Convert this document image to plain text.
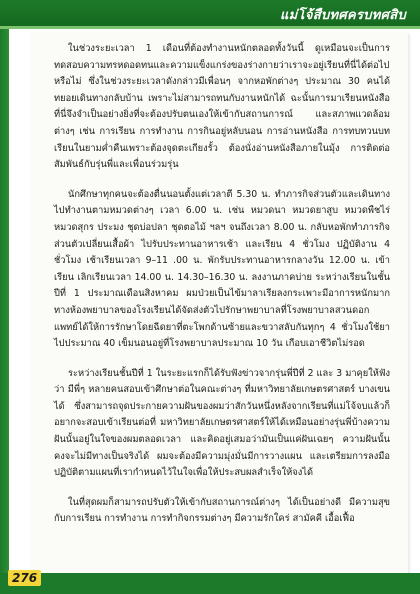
แม่โจ้สืบทศครบทศสิบ

ในช่วงระยะเวลา 1 เดือนที่ต้องทำงานหนักตลอดทั้งวันนี้ ดูเหมือนจะเป็นการทดสอบความทรหดอดทนและความแข็งแกร่งของร่างกายว่าเราจะอยู่เรียนที่นี่ได้ต่อไปหรือไม่ ซึ่งในช่วงระยะเวลาดังกล่าวมีเพื่อนๆ จากหอพักต่างๆ ประมาณ 30 คนได้ทยอยเดินทางกลับบ้าน เพราะไม่สามารถทนกับงานหนักได้ ฉะนั้นการมาเรียนหนังสือที่นี่จึงจำเป็นอย่างยิ่งที่จะต้องปรับตนเองให้เข้ากับสถานการณ์ และสภาพแวดล้อมต่างๆ เช่น การเรียน การทำงาน การกินอยู่หลับนอน การอ่านหนังสือ การทบทวนบทเรียนในยามค่ำคืนเพราะต้องจุดตะเกียงรั้ว ต้องนั่งอ่านหนังสือภายในมุ้ง การติดต่อสัมพันธ์กับรุ่นพี่และเพื่อนร่วมรุ่น

นักศึกษาทุกคนจะต้องตื่นนอนตั้งแต่เวลาตี 5.30 น. ทำภารกิจส่วนตัวและเดินทางไปทำงานตามหมวดต่างๆ เวลา 6.00 น. เช่น หมวดนา หมวดยาสูบ หมวดพืชไร่ หมวดสุกร ประมง ชุดบ่อปลา ชุดตอไม้ ฯลฯ จนถึงเวลา 8.00 น. กลับหอพักทำภารกิจส่วนตัวเปลี่ยนเสื้อผ้า ไปรับประทานอาหารเช้า และเรียน 4 ชั่วโมง ปฏิบัติงาน 4 ชั่วโมง เช้าเรียนเวลา 9–11 .00 น. พักรับประทานอาหารกลางวัน 12.00 น. เข้าเรียน เลิกเรียนเวลา 14.00 น. 14.30–16.30 น. ลงงานภาคบ่าย ระหว่างเรียนในชั้นปีที่ 1 ประมาณเดือนสิงหาคม ผมป่วยเป็นไข้มาลาเรียลงกระเพาะมีอาการหนักมากทางห้องพยาบาลของโรงเรียนได้จัดส่งตัวไปรักษาพยาบาลที่โรงพยาบาลสวนดอก แพทย์ได้ให้การรักษาโดยฉีดยาที่ตะโพกด้านซ้ายและขวาสลับกันทุกๆ 4 ชั่วโมงใช้ยาไปประมาณ 40 เข็มนอนอยู่ที่โรงพยาบาลประมาณ 10 วัน เกือบเอาชีวิตไม่รอด

ระหว่างเรียนชั้นปีที่ 1 ในระยะแรกก็ได้รับฟังข่าวจากรุ่นพี่ปีที่ 2 และ 3 มาคุยให้ฟังว่า มีพี่ๆ หลายคนสอบเข้าศึกษาต่อในคณะต่างๆ ที่มหาวิทยาลัยเกษตรศาสตร์ บางเขนได้ ซึ่งสามารถจุดประกายความฝันของผมว่าสักวันหนึ่งหลังจากเรียนที่แม่โจ้จบแล้วก็อยากจะสอบเข้าเรียนต่อที่ มหาวิทยาลัยเกษตรศาสตร์ให้ได้เหมือนอย่างรุ่นพี่บ้างความฝันนั้นอยู่ในใจของผมตลอดเวลา และคิดอยู่เสมอว่ามันเป็นแค่ฝันเฉยๆ ความฝันนั้นคงจะไม่มีทางเป็นจริงได้ ผมจะต้องมีความมุ่งมั่นมีการวางแผน และเตรียมการลงมือปฏิบัติตามแผนที่เรากำหนดไว้ในใจเพื่อให้ประสบผลสำเร็จให้จงได้

ในที่สุดผมก็สามารถปรับตัวให้เข้ากับสถานการณ์ต่างๆ ได้เป็นอย่างดี มีความสุขกับการเรียน การทำงาน การทำกิจกรรมต่างๆ มีความรักใคร่ สามัคคี เอื้อเฟื้อ

276
